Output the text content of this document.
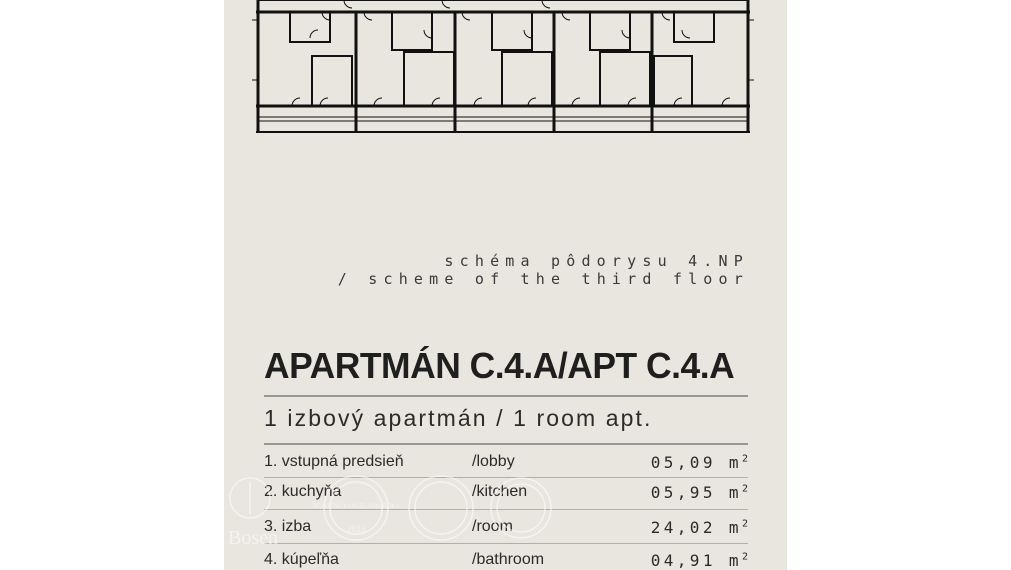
schéma pôdorysu 4.NP
/ scheme of the third floor
APARTMÁN C.4.A/APT C.4.A
1 izbový apartmán / 1 room apt.
1. vstupná predsieň	/lobby	05,09 $m^2$
2. kuchyňa	/kitchen	05,95 $m^2$
3. izba	/room	24,02 $m^2$
4. kúpeľňa	/bathroom	04,91 $m^2$
Bosen
REALITNÁ KANCELÁRIA ROKA
2023
